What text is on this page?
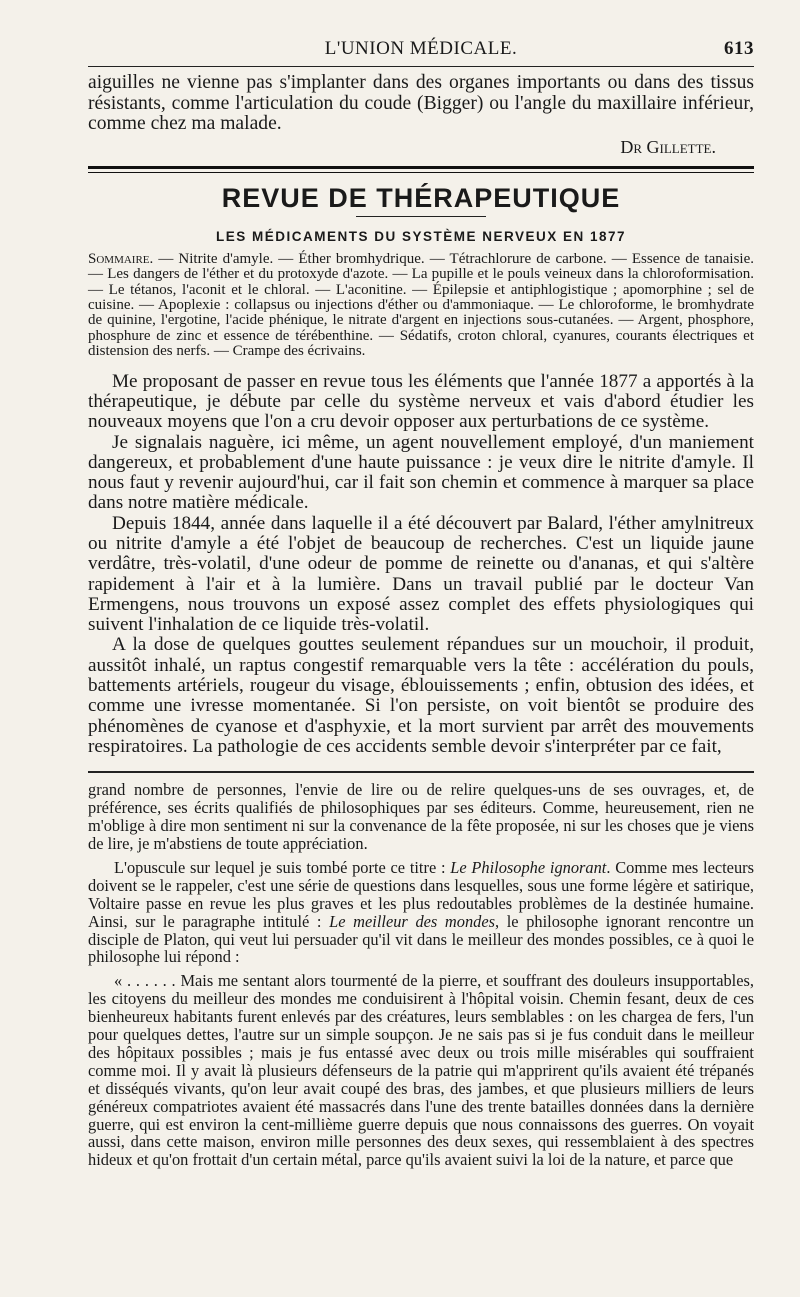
L'UNION MÉDICALE.	613

aiguilles ne vienne pas s'implanter dans des organes importants ou dans des tissus résistants, comme l'articulation du coude (Bigger) ou l'angle du maxillaire inférieur, comme chez ma malade.

Dr Gillette.
REVUE DE THÉRAPEUTIQUE
LES MÉDICAMENTS DU SYSTÈME NERVEUX EN 1877
Sommaire. — Nitrite d'amyle. — Éther bromhydrique. — Tétrachlorure de carbone. — Essence de tanaisie. — Les dangers de l'éther et du protoxyde d'azote. — La pupille et le pouls veineux dans la chloroformisation. — Le tétanos, l'aconit et le chloral. — L'aconitine. — Épilepsie et antiphlogistique ; apomorphine ; sel de cuisine. — Apoplexie : collapsus ou injections d'éther ou d'ammoniaque. — Le chloroforme, le bromhydrate de quinine, l'ergotine, l'acide phénique, le nitrate d'argent en injections sous-cutanées. — Argent, phosphore, phosphure de zinc et essence de térébenthine. — Sédatifs, croton chloral, cyanures, courants électriques et distension des nerfs. — Crampe des écrivains.

Me proposant de passer en revue tous les éléments que l'année 1877 a apportés à la thérapeutique, je débute par celle du système nerveux et vais d'abord étudier les nouveaux moyens que l'on a cru devoir opposer aux perturbations de ce système.

Je signalais naguère, ici même, un agent nouvellement employé, d'un maniement dangereux, et probablement d'une haute puissance : je veux dire le nitrite d'amyle. Il nous faut y revenir aujourd'hui, car il fait son chemin et commence à marquer sa place dans notre matière médicale.

Depuis 1844, année dans laquelle il a été découvert par Balard, l'éther amylnitreux ou nitrite d'amyle a été l'objet de beaucoup de recherches. C'est un liquide jaune verdâtre, très-volatil, d'une odeur de pomme de reinette ou d'ananas, et qui s'altère rapidement à l'air et à la lumière. Dans un travail publié par le docteur Van Ermengens, nous trouvons un exposé assez complet des effets physiologiques qui suivent l'inhalation de ce liquide très-volatil.

A la dose de quelques gouttes seulement répandues sur un mouchoir, il produit, aussitôt inhalé, un raptus congestif remarquable vers la tête : accélération du pouls, battements artériels, rougeur du visage, éblouissements ; enfin, obtusion des idées, et comme une ivresse momentanée. Si l'on persiste, on voit bientôt se produire des phénomènes de cyanose et d'asphyxie, et la mort survient par arrêt des mouvements respiratoires. La pathologie de ces accidents semble devoir s'interpréter par ce fait,

grand nombre de personnes, l'envie de lire ou de relire quelques-uns de ses ouvrages, et, de préférence, ses écrits qualifiés de philosophiques par ses éditeurs. Comme, heureusement, rien ne m'oblige à dire mon sentiment ni sur la convenance de la fête proposée, ni sur les choses que je viens de lire, je m'abstiens de toute appréciation.

L'opuscule sur lequel je suis tombé porte ce titre : Le Philosophe ignorant. Comme mes lecteurs doivent se le rappeler, c'est une série de questions dans lesquelles, sous une forme légère et satirique, Voltaire passe en revue les plus graves et les plus redoutables problèmes de la destinée humaine. Ainsi, sur le paragraphe intitulé : Le meilleur des mondes, le philosophe ignorant rencontre un disciple de Platon, qui veut lui persuader qu'il vit dans le meilleur des mondes possibles, ce à quoi le philosophe lui répond :

« . . . . . . Mais me sentant alors tourmenté de la pierre, et souffrant des douleurs insupportables, les citoyens du meilleur des mondes me conduisirent à l'hôpital voisin. Chemin fesant, deux de ces bienheureux habitants furent enlevés par des créatures, leurs semblables : on les chargea de fers, l'un pour quelques dettes, l'autre sur un simple soupçon. Je ne sais pas si je fus conduit dans le meilleur des hôpitaux possibles ; mais je fus entassé avec deux ou trois mille misérables qui souffraient comme moi. Il y avait là plusieurs défenseurs de la patrie qui m'apprirent qu'ils avaient été trépanés et disséqués vivants, qu'on leur avait coupé des bras, des jambes, et que plusieurs milliers de leurs généreux compatriotes avaient été massacrés dans l'une des trente batailles données dans la dernière guerre, qui est environ la cent-millième guerre depuis que nous connaissons des guerres. On voyait aussi, dans cette maison, environ mille personnes des deux sexes, qui ressemblaient à des spectres hideux et qu'on frottait d'un certain métal, parce qu'ils avaient suivi la loi de la nature, et parce que
